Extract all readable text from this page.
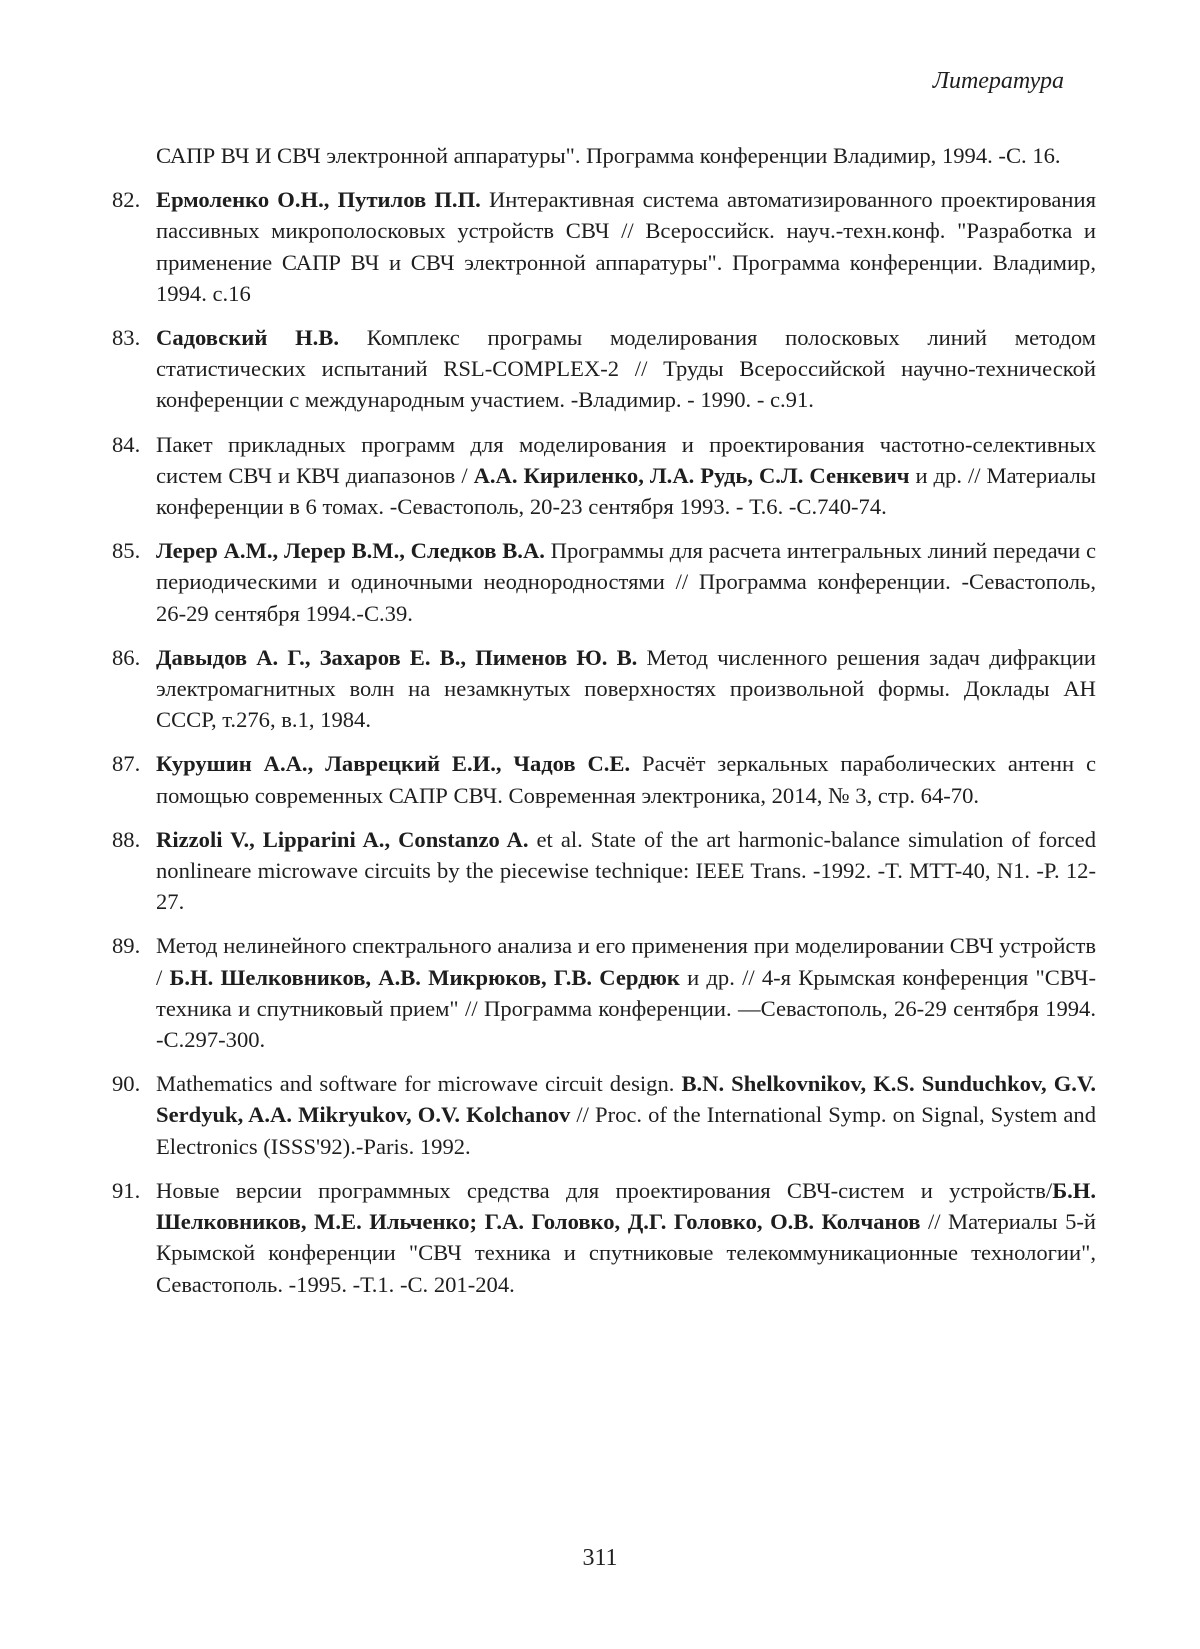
Литература
САПР ВЧ И СВЧ электронной аппаратуры". Программа конференции Владимир, 1994. -С. 16.
82. Ермоленко О.Н., Путилов П.П. Интерактивная система автоматизированного проектирования пассивных микрополосковых устройств СВЧ // Всероссийск. науч.-техн.конф. "Разработка и применение САПР ВЧ и СВЧ электронной аппаратуры". Программа конференции. Владимир, 1994. с.16
83. Садовский Н.В. Комплекс програмы моделирования полосковых линий методом статистических испытаний RSL-COMPLEX-2 // Труды Всероссийской научно-технической конференции с международным участием. -Владимир. - 1990. - с.91.
84. Пакет прикладных программ для моделирования и проектирования частотно-селективных систем СВЧ и КВЧ диапазонов / А.А. Кириленко, Л.А. Рудь, С.Л. Сенкевич и др. // Материалы конференции в 6 томах. -Севастополь, 20-23 сентября 1993. - Т.6. -С.740-74.
85. Лерер А.М., Лерер В.М., Следков В.А. Программы для расчета интегральных линий передачи с периодическими и одиночными неоднородностями // Программа конференции. -Севастополь, 26-29 сентября 1994.-С.39.
86. Давыдов А. Г., Захаров Е. В., Пименов Ю. В. Метод численного решения задач дифракции электромагнитных волн на незамкнутых поверхностях произвольной формы. Доклады АН СССР, т.276, в.1, 1984.
87. Курушин А.А., Лаврецкий Е.И., Чадов С.Е. Расчёт зеркальных параболических антенн с помощью современных САПР СВЧ. Современная электроника, 2014, № 3, стр. 64-70.
88. Rizzoli V., Lipparini A., Constanzo A. et al. State of the art harmonic-balance simulation of forced nonlineare microwave circuits by the piecewise technique: IEEE Trans. -1992. -T. MTT-40, N1. -P. 12-27.
89. Метод нелинейного спектрального анализа и его применения при моделировании СВЧ устройств / Б.Н. Шелковников, А.В. Микрюков, Г.В. Сердюк и др. // 4-я Крымская конференция "СВЧ- техника и спутниковый прием" // Программа конференции. —Севастополь, 26-29 сентября 1994. -С.297-300.
90. Mathematics and software for microwave circuit design. B.N. Shelkovnikov, K.S. Sunduchkov, G.V. Serdyuk, A.A. Mikryukov, O.V. Kolchanov // Proc. of the International Symp. on Signal, System and Electronics (ISSS'92).-Paris. 1992.
91. Новые версии программных средства для проектирования СВЧ-систем и устройств/Б.Н. Шелковников, М.Е. Ильченко; Г.А. Головко, Д.Г. Головко, О.В. Колчанов // Материалы 5-й Крымской конференции "СВЧ техника и спутниковые телекоммуникационные технологии", Севастополь. -1995. -Т.1. -С. 201-204.
311
